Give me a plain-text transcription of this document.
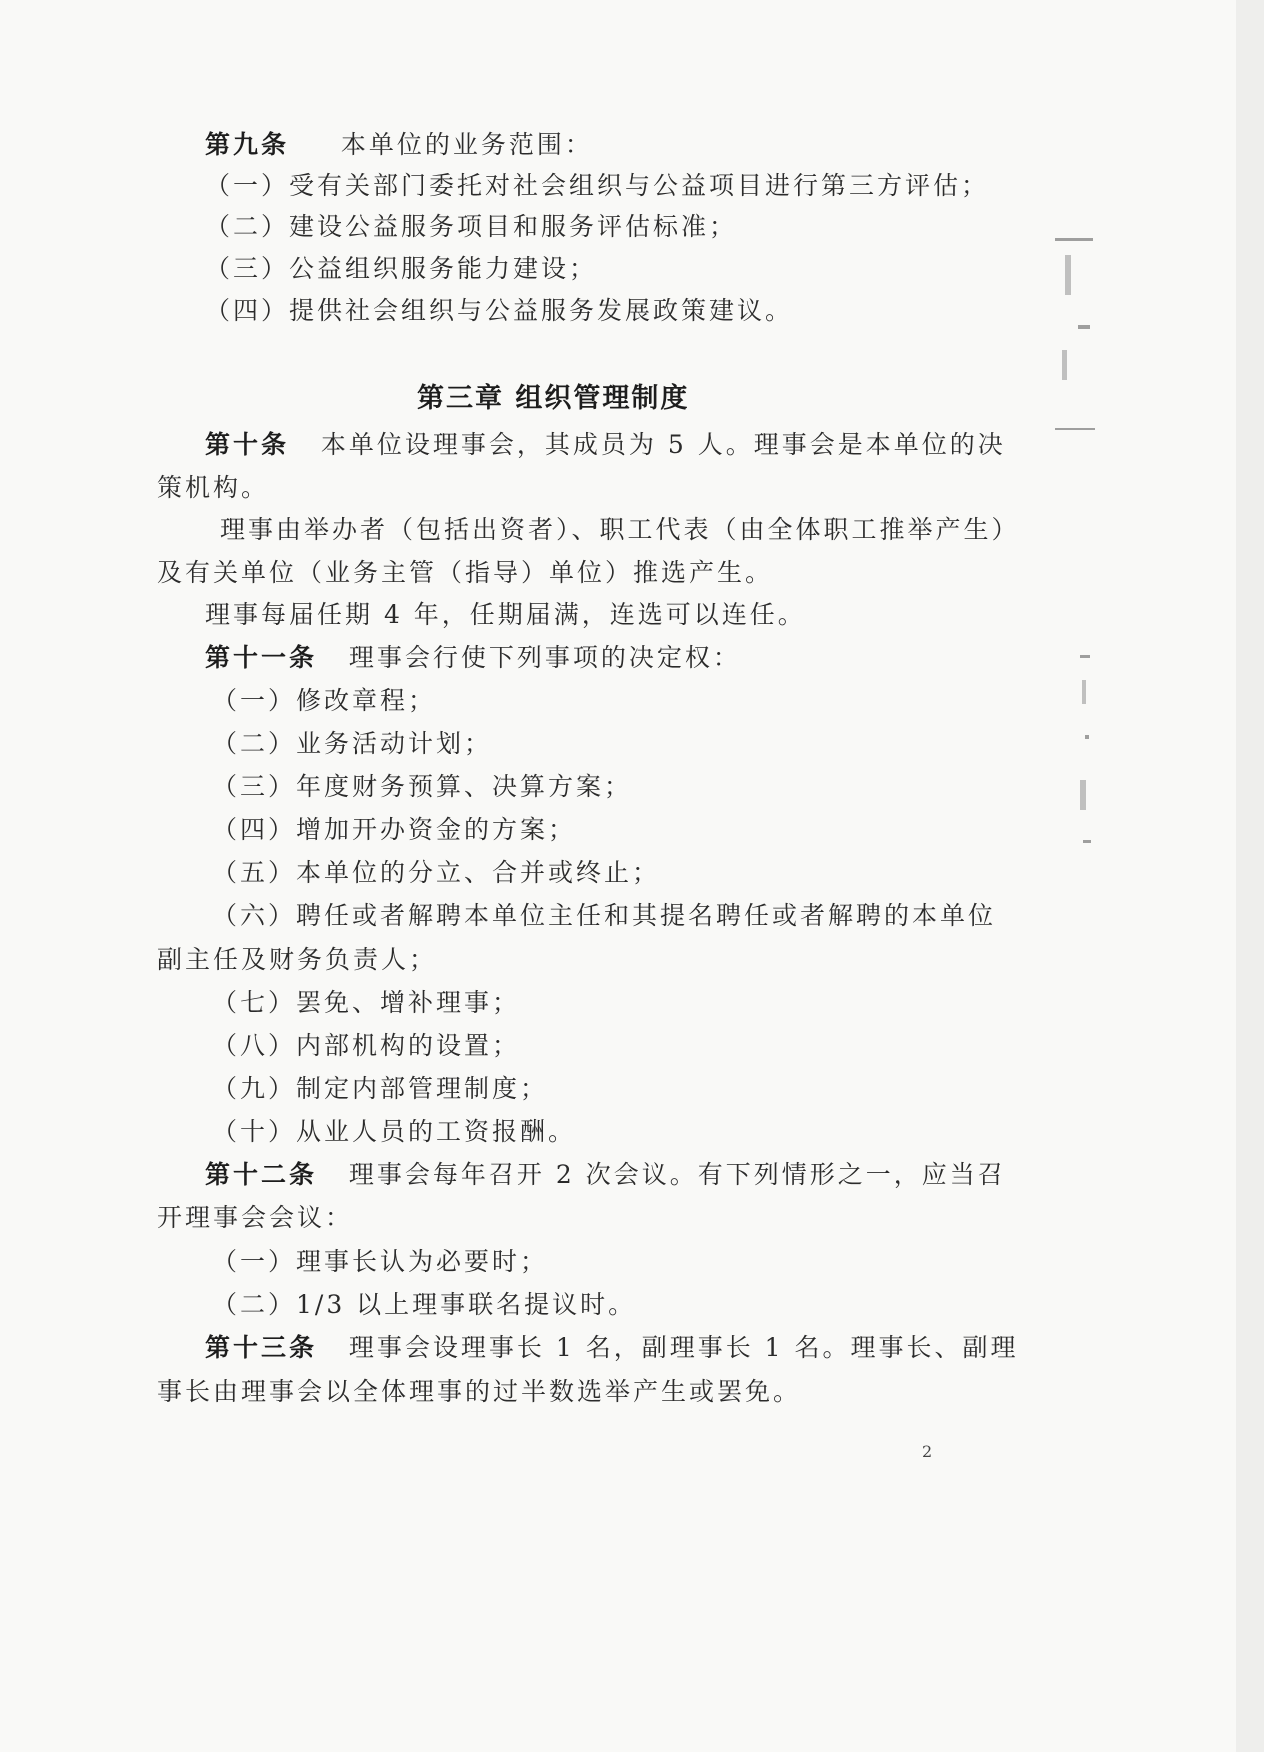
第九条 本单位的业务范围：
（一）受有关部门委托对社会组织与公益项目进行第三方评估；
（二）建设公益服务项目和服务评估标准；
（三）公益组织服务能力建设；
（四）提供社会组织与公益服务发展政策建议。
第三章 组织管理制度
第十条 本单位设理事会，其成员为 5 人。理事会是本单位的决
策机构。
理事由举办者（包括出资者）、职工代表（由全体职工推举产生）
及有关单位（业务主管（指导）单位）推选产生。
理事每届任期 4 年，任期届满，连选可以连任。
第十一条 理事会行使下列事项的决定权：
（一）修改章程；
（二）业务活动计划；
（三）年度财务预算、决算方案；
（四）增加开办资金的方案；
（五）本单位的分立、合并或终止；
（六）聘任或者解聘本单位主任和其提名聘任或者解聘的本单位
副主任及财务负责人；
（七）罢免、增补理事；
（八）内部机构的设置；
（九）制定内部管理制度；
（十）从业人员的工资报酬。
第十二条 理事会每年召开 2 次会议。有下列情形之一，应当召
开理事会会议：
（一）理事长认为必要时；
（二）1/3 以上理事联名提议时。
第十三条 理事会设理事长 1 名，副理事长 1 名。理事长、副理
事长由理事会以全体理事的过半数选举产生或罢免。
2
